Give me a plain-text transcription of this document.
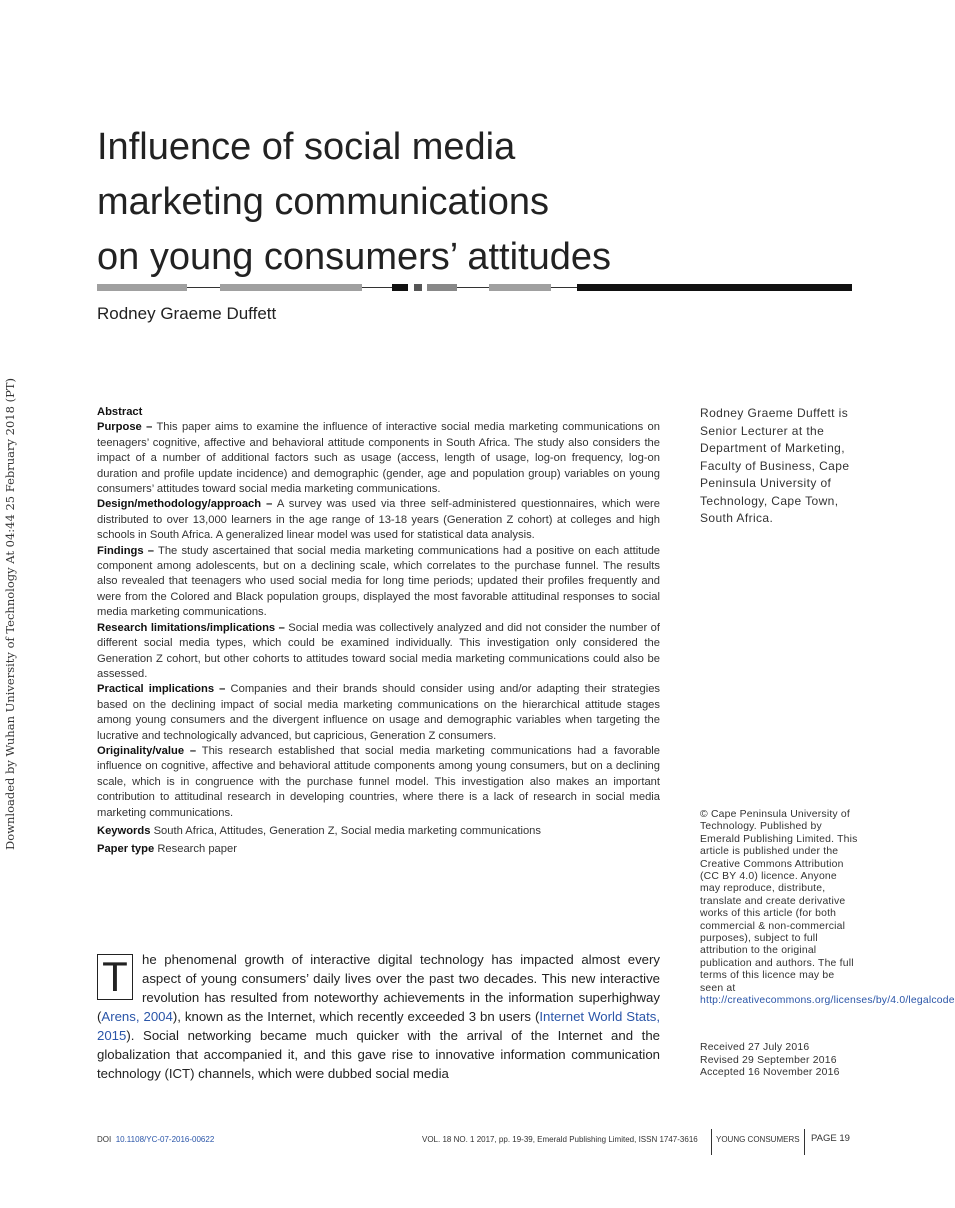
Downloaded by Wuhan University of Technology At 04:44 25 February 2018 (PT)
Influence of social media
marketing communications
on young consumers’ attitudes
Rodney Graeme Duffett

Abstract

Purpose – This paper aims to examine the influence of interactive social media marketing communications on teenagers’ cognitive, affective and behavioral attitude components in South Africa. The study also considers the impact of a number of additional factors such as usage (access, length of usage, log-on frequency, log-on duration and profile update incidence) and demographic (gender, age and population group) variables on young consumers’ attitudes toward social media marketing communications.

Design/methodology/approach – A survey was used via three self-administered questionnaires, which were distributed to over 13,000 learners in the age range of 13-18 years (Generation Z cohort) at colleges and high schools in South Africa. A generalized linear model was used for statistical data analysis.

Findings – The study ascertained that social media marketing communications had a positive on each attitude component among adolescents, but on a declining scale, which correlates to the purchase funnel. The results also revealed that teenagers who used social media for long time periods; updated their profiles frequently and were from the Colored and Black population groups, displayed the most favorable attitudinal responses to social media marketing communications.

Research limitations/implications – Social media was collectively analyzed and did not consider the number of different social media types, which could be examined individually. This investigation only considered the Generation Z cohort, but other cohorts to attitudes toward social media marketing communications could also be assessed.

Practical implications – Companies and their brands should consider using and/or adapting their strategies based on the declining impact of social media marketing communications on the hierarchical attitude stages among young consumers and the divergent influence on usage and demographic variables when targeting the lucrative and technologically advanced, but capricious, Generation Z consumers.

Originality/value – This research established that social media marketing communications had a favorable influence on cognitive, affective and behavioral attitude components among young consumers, but on a declining scale, which is in congruence with the purchase funnel model. This investigation also makes an important contribution to attitudinal research in developing countries, where there is a lack of research in social media marketing communications.

Keywords South Africa, Attitudes, Generation Z, Social media marketing communications

Paper type Research paper

Rodney Graeme Duffett is Senior Lecturer at the Department of Marketing, Faculty of Business, Cape Peninsula University of Technology, Cape Town, South Africa.
© Cape Peninsula University of Technology. Published by Emerald Publishing Limited. This article is published under the Creative Commons Attribution (CC BY 4.0) licence. Anyone may reproduce, distribute, translate and create derivative works of this article (for both commercial & non-commercial purposes), subject to full attribution to the original publication and authors. The full terms of this licence may be seen at http://creativecommons.org/licenses/by/4.0/legalcode
Received 27 July 2016
Revised 29 September 2016
Accepted 16 November 2016
T	he phenomenal growth of interactive digital technology has impacted almost every aspect of young consumers’ daily lives over the past two decades. This new interactive revolution has resulted from noteworthy achievements in the information superhighway (Arens, 2004), known as the Internet, which recently exceeded 3 bn users (Internet World Stats, 2015). Social networking became much quicker with the arrival of the Internet and the globalization that accompanied it, and this gave rise to innovative information communication technology (ICT) channels, which were dubbed social media
DOI 10.1108/YC-07-2016-00622	VOL. 18 NO. 1 2017, pp. 19-39, Emerald Publishing Limited, ISSN 1747-3616 YOUNG CONSUMERS PAGE 19
